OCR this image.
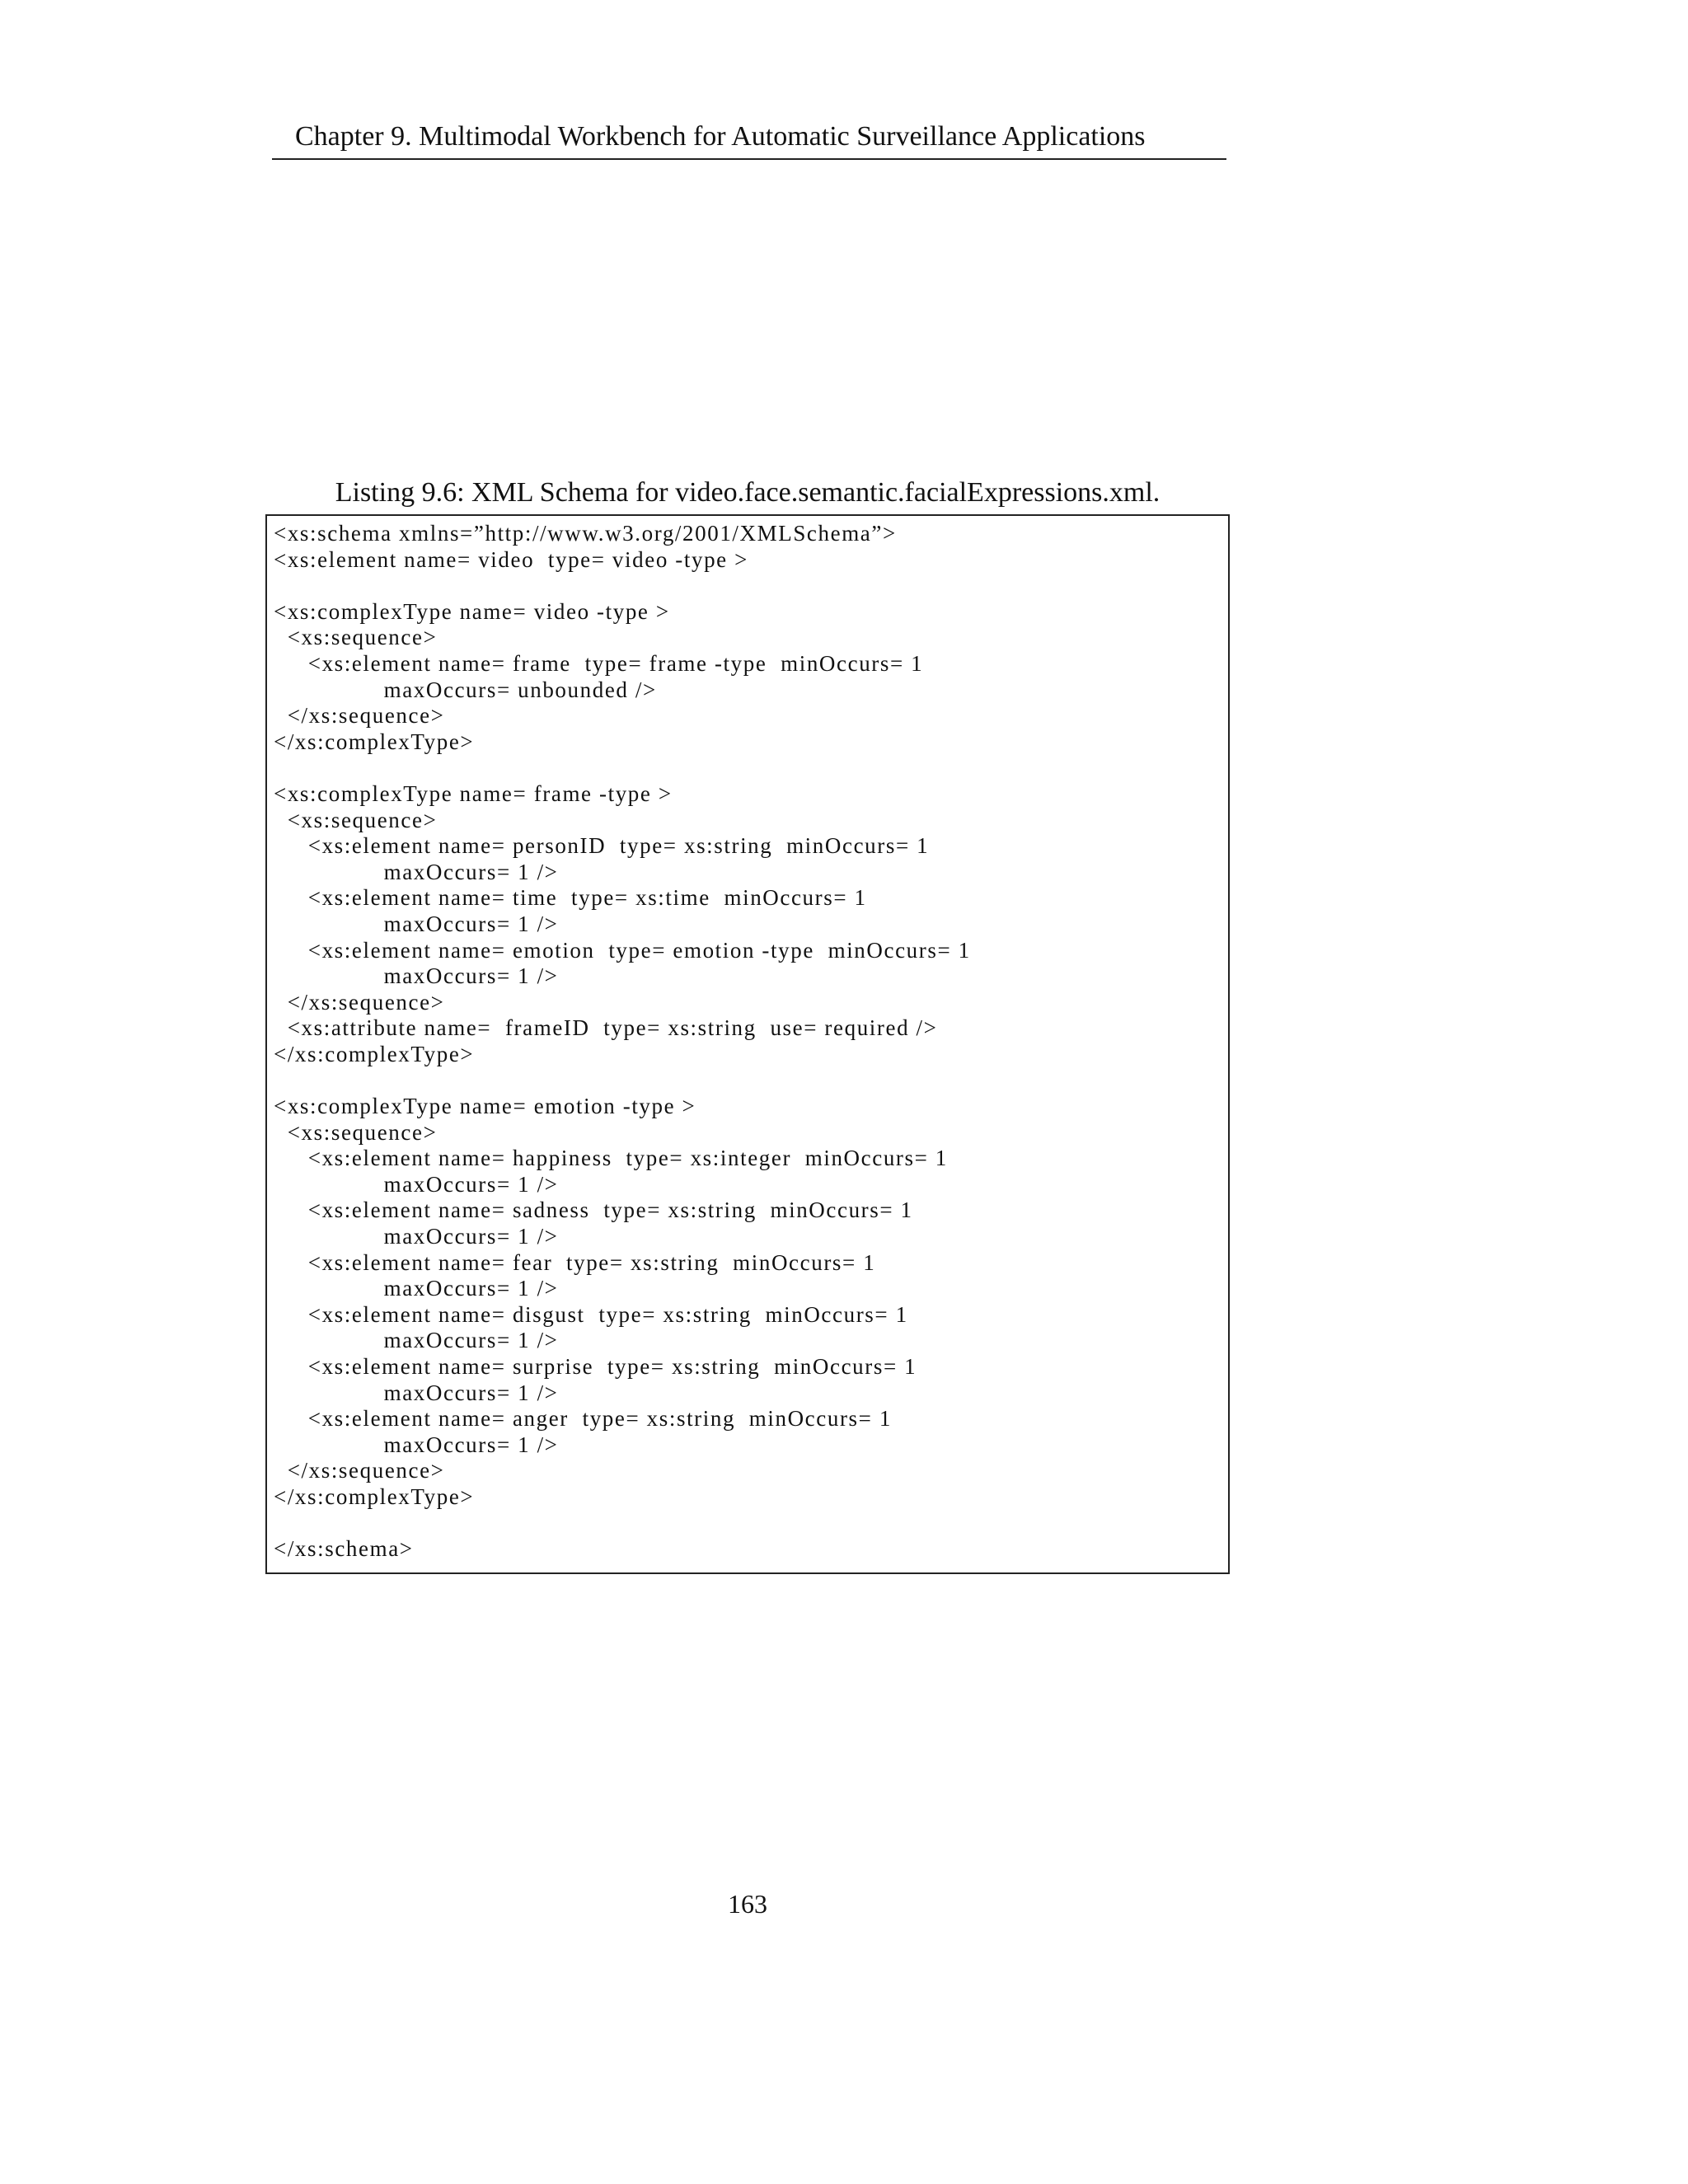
Chapter 9. Multimodal Workbench for Automatic Surveillance Applications
Listing 9.6: XML Schema for video.face.semantic.facialExpressions.xml.
<xs:schema xmlns=”http://www.w3.org/2001/XMLSchema”>
<xs:element name= video  type= video -type >
<xs:complexType name= video -type >
<xs:sequence>
<xs:element name= frame  type= frame -type  minOccurs= 1
maxOccurs= unbounded />
</xs:sequence>
</xs:complexType>
<xs:complexType name= frame -type >
<xs:sequence>
<xs:element name= personID  type= xs:string  minOccurs= 1
maxOccurs= 1 />
<xs:element name= time  type= xs:time  minOccurs= 1
maxOccurs= 1 />
<xs:element name= emotion  type= emotion -type  minOccurs= 1
maxOccurs= 1 />
</xs:sequence>
<xs:attribute name=  frameID  type= xs:string  use= required />
</xs:complexType>
<xs:complexType name= emotion -type >
<xs:sequence>
<xs:element name= happiness  type= xs:integer  minOccurs= 1
maxOccurs= 1 />
<xs:element name= sadness  type= xs:string  minOccurs= 1
maxOccurs= 1 />
<xs:element name= fear  type= xs:string  minOccurs= 1
maxOccurs= 1 />
<xs:element name= disgust  type= xs:string  minOccurs= 1
maxOccurs= 1 />
<xs:element name= surprise  type= xs:string  minOccurs= 1
maxOccurs= 1 />
<xs:element name= anger  type= xs:string  minOccurs= 1
maxOccurs= 1 />
</xs:sequence>
</xs:complexType>
</xs:schema>
163
